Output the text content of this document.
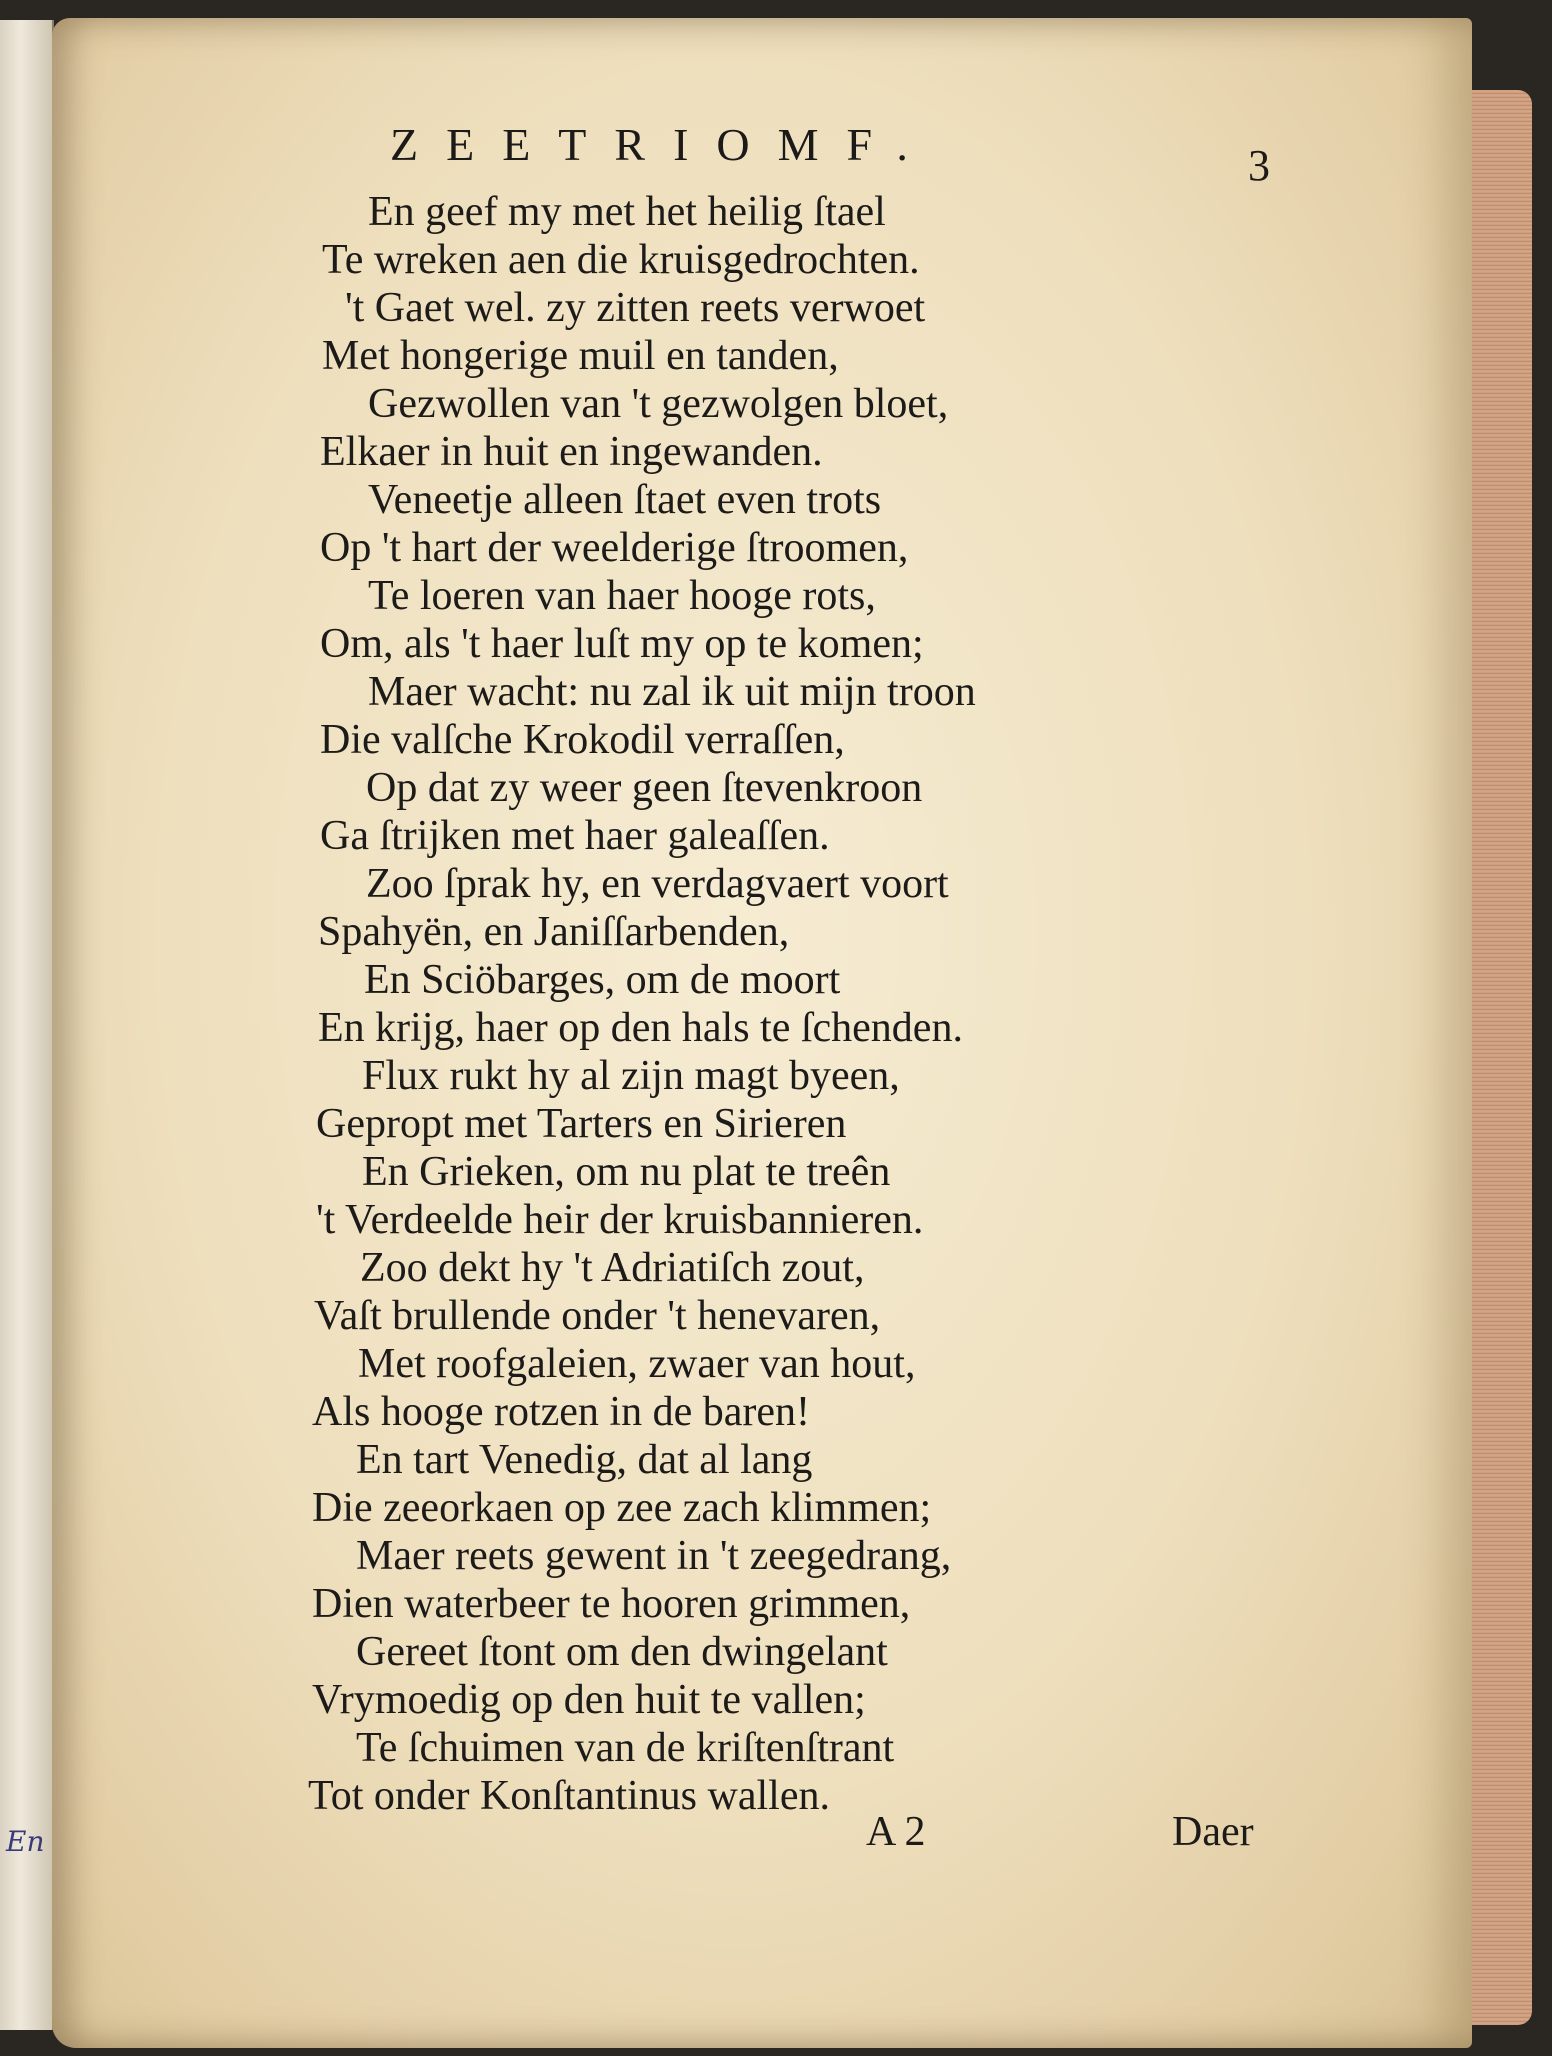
En
ZEETRIOMF.	3
En geef my met het heilig ſtael
Te wreken aen die kruisgedrochten.
't Gaet wel. zy zitten reets verwoet
Met hongerige muil en tanden,
Gezwollen van 't gezwolgen bloet,
Elkaer in huit en ingewanden.
Veneetje alleen ſtaet even trots
Op 't hart der weelderige ſtroomen,
Te loeren van haer hooge rots,
Om, als 't haer luſt my op te komen;
Maer wacht: nu zal ik uit mijn troon
Die valſche Krokodil verraſſen,
Op dat zy weer geen ſtevenkroon
Ga ſtrijken met haer galeaſſen.
Zoo ſprak hy, en verdagvaert voort
Spahyën, en Janiſſarbenden,
En Sciöbarges, om de moort
En krijg, haer op den hals te ſchenden.
Flux rukt hy al zijn magt byeen,
Gepropt met Tarters en Sirieren
En Grieken, om nu plat te treên
't Verdeelde heir der kruisbannieren.
Zoo dekt hy 't Adriatiſch zout,
Vaſt brullende onder 't henevaren,
Met roofgaleien, zwaer van hout,
Als hooge rotzen in de baren!
En tart Venedig, dat al lang
Die zeeorkaen op zee zach klimmen;
Maer reets gewent in 't zeegedrang,
Dien waterbeer te hooren grimmen,
Gereet ſtont om den dwingelant
Vrymoedig op den huit te vallen;
Te ſchuimen van de kriſtenſtrant
Tot onder Konſtantinus wallen.
A 2	Daer
